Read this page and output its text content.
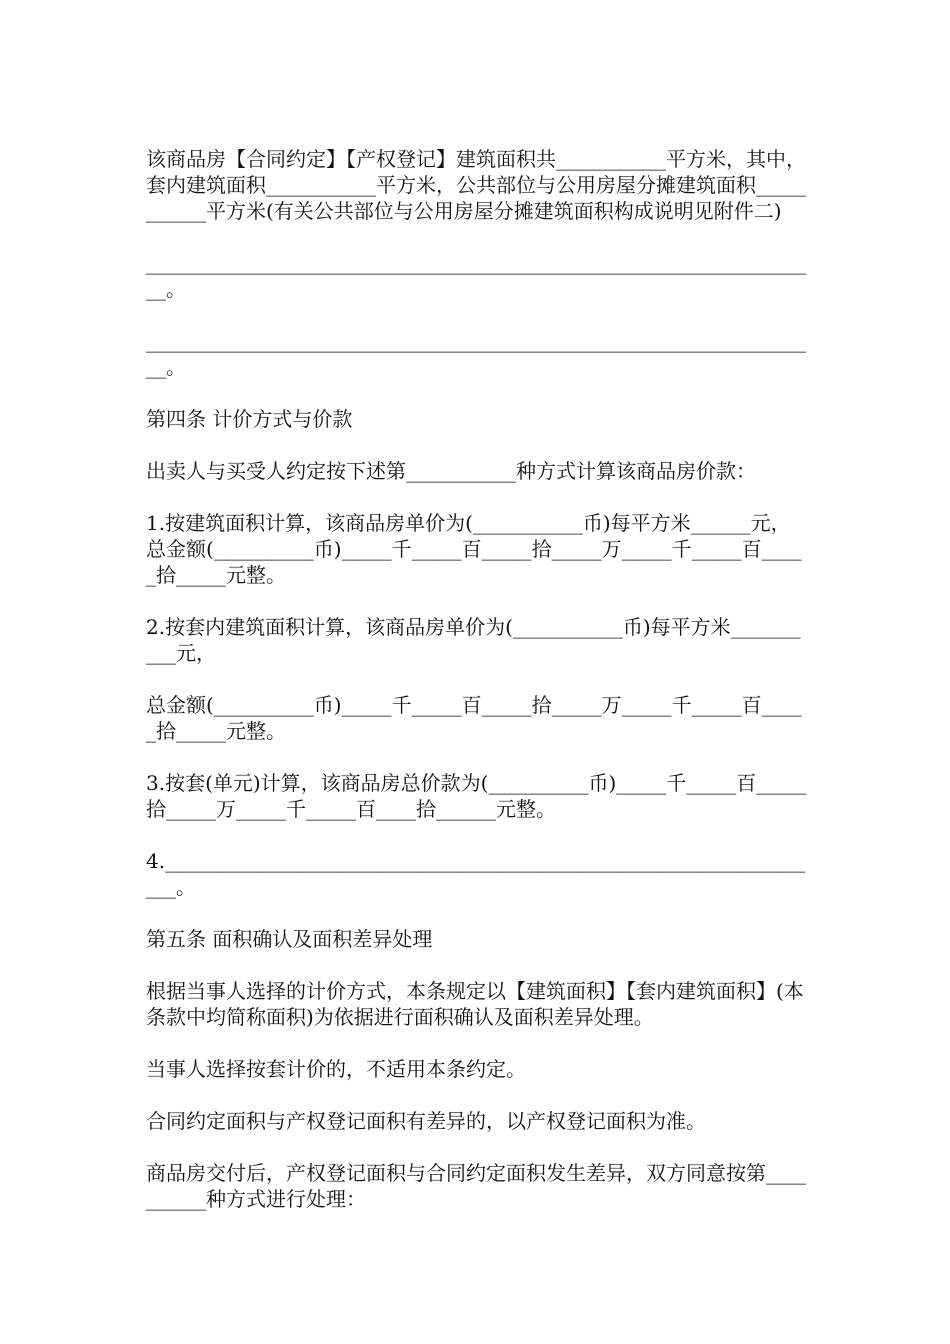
该商品房【合同约定】【产权登记】建筑面积共___________平方米，其中，套内建筑面积___________平方米，公共部位与公用房屋分摊建筑面积___________平方米(有关公共部位与公用房屋分摊建筑面积构成说明见附件二)

____________________________________________________________________。

____________________________________________________________________。

第四条 计价方式与价款

出卖人与买受人约定按下述第___________种方式计算该商品房价款：

1.按建筑面积计算，该商品房单价为(___________币)每平方米______元，总金额(__________币)_____千_____百_____拾_____万_____千_____百_____拾_____元整。

2.按套内建筑面积计算，该商品房单价为(___________币)每平方米__________元，

总金额(__________币)_____千_____百_____拾_____万_____千_____百_____拾_____元整。

3.按套(单元)计算，该商品房总价款为(__________币)_____千_____百_____拾_____万_____千_____百____拾______元整。

4.___________________________________________________________________。

第五条 面积确认及面积差异处理

根据当事人选择的计价方式，本条规定以【建筑面积】【套内建筑面积】(本条款中均简称面积)为依据进行面积确认及面积差异处理。

当事人选择按套计价的，不适用本条约定。

合同约定面积与产权登记面积有差异的，以产权登记面积为准。

商品房交付后，产权登记面积与合同约定面积发生差异，双方同意按第__________种方式进行处理：
